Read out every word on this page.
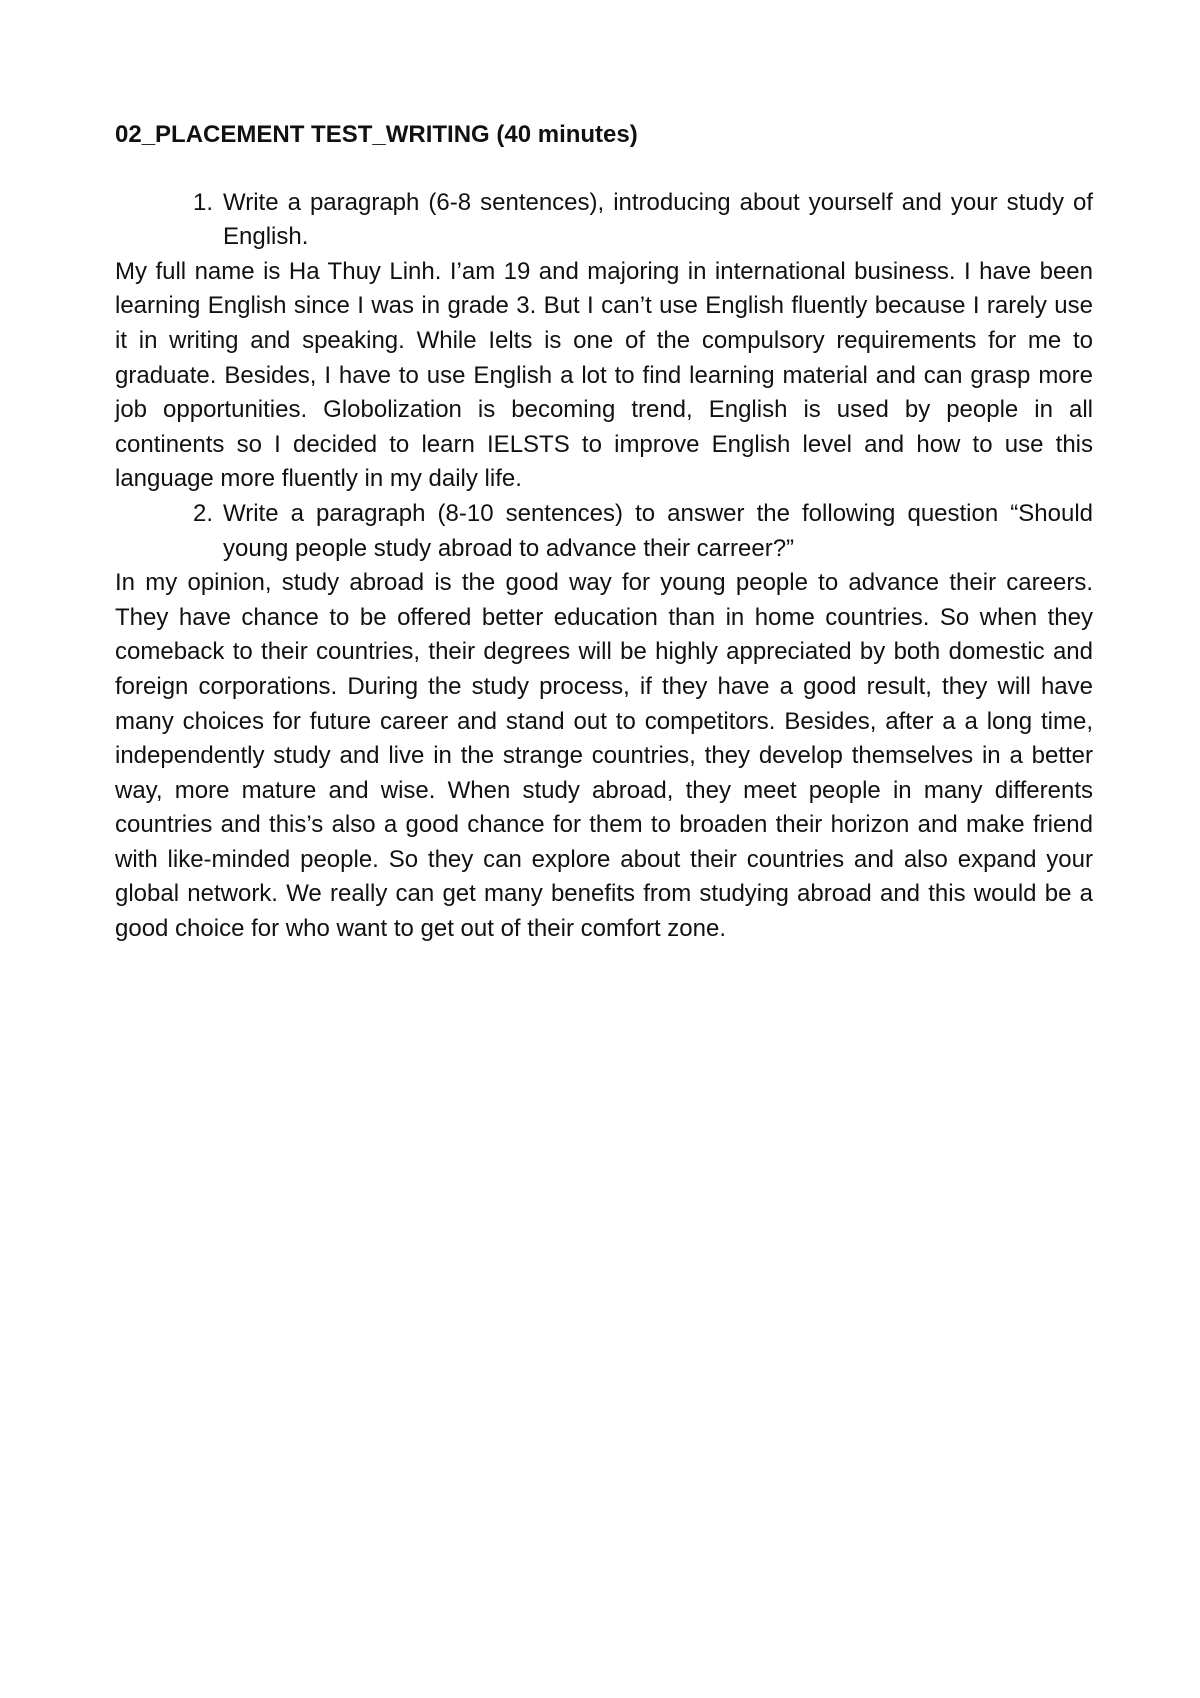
02_PLACEMENT TEST_WRITING (40 minutes)
1. Write a paragraph (6-8 sentences), introducing about yourself and your study of English.

My full name is Ha Thuy Linh. I’am 19 and majoring in international business. I have been learning English since I was in grade 3. But I can’t use English fluently because I rarely use it in writing and speaking. While Ielts is one of the compulsory requirements for me to graduate. Besides, I have to use English a lot to find learning material and can grasp more job opportunities. Globolization is becoming trend, English is used by people in all continents so I decided to learn IELSTS to improve English level and how to use this language more fluently in my daily life.

2. Write a paragraph (8-10 sentences) to answer the following question “Should young people study abroad to advance their carreer?”

In my opinion, study abroad is the good way for young people to advance their careers. They have chance to be offered better education than in home countries. So when they comeback to their countries, their degrees will be highly appreciated by both domestic and foreign corporations. During the study process, if they have a good result, they will have many choices for future career and stand out to competitors. Besides, after a a long time, independently study and live in the strange countries, they develop themselves in a better way, more mature and wise. When study abroad, they meet people in many differents countries and this’s also a good chance for them to broaden their horizon and make friend with like-minded people. So they can explore about their countries and also expand your global network. We really can get many benefits from studying abroad and this would be a good choice for who want to get out of their comfort zone.
